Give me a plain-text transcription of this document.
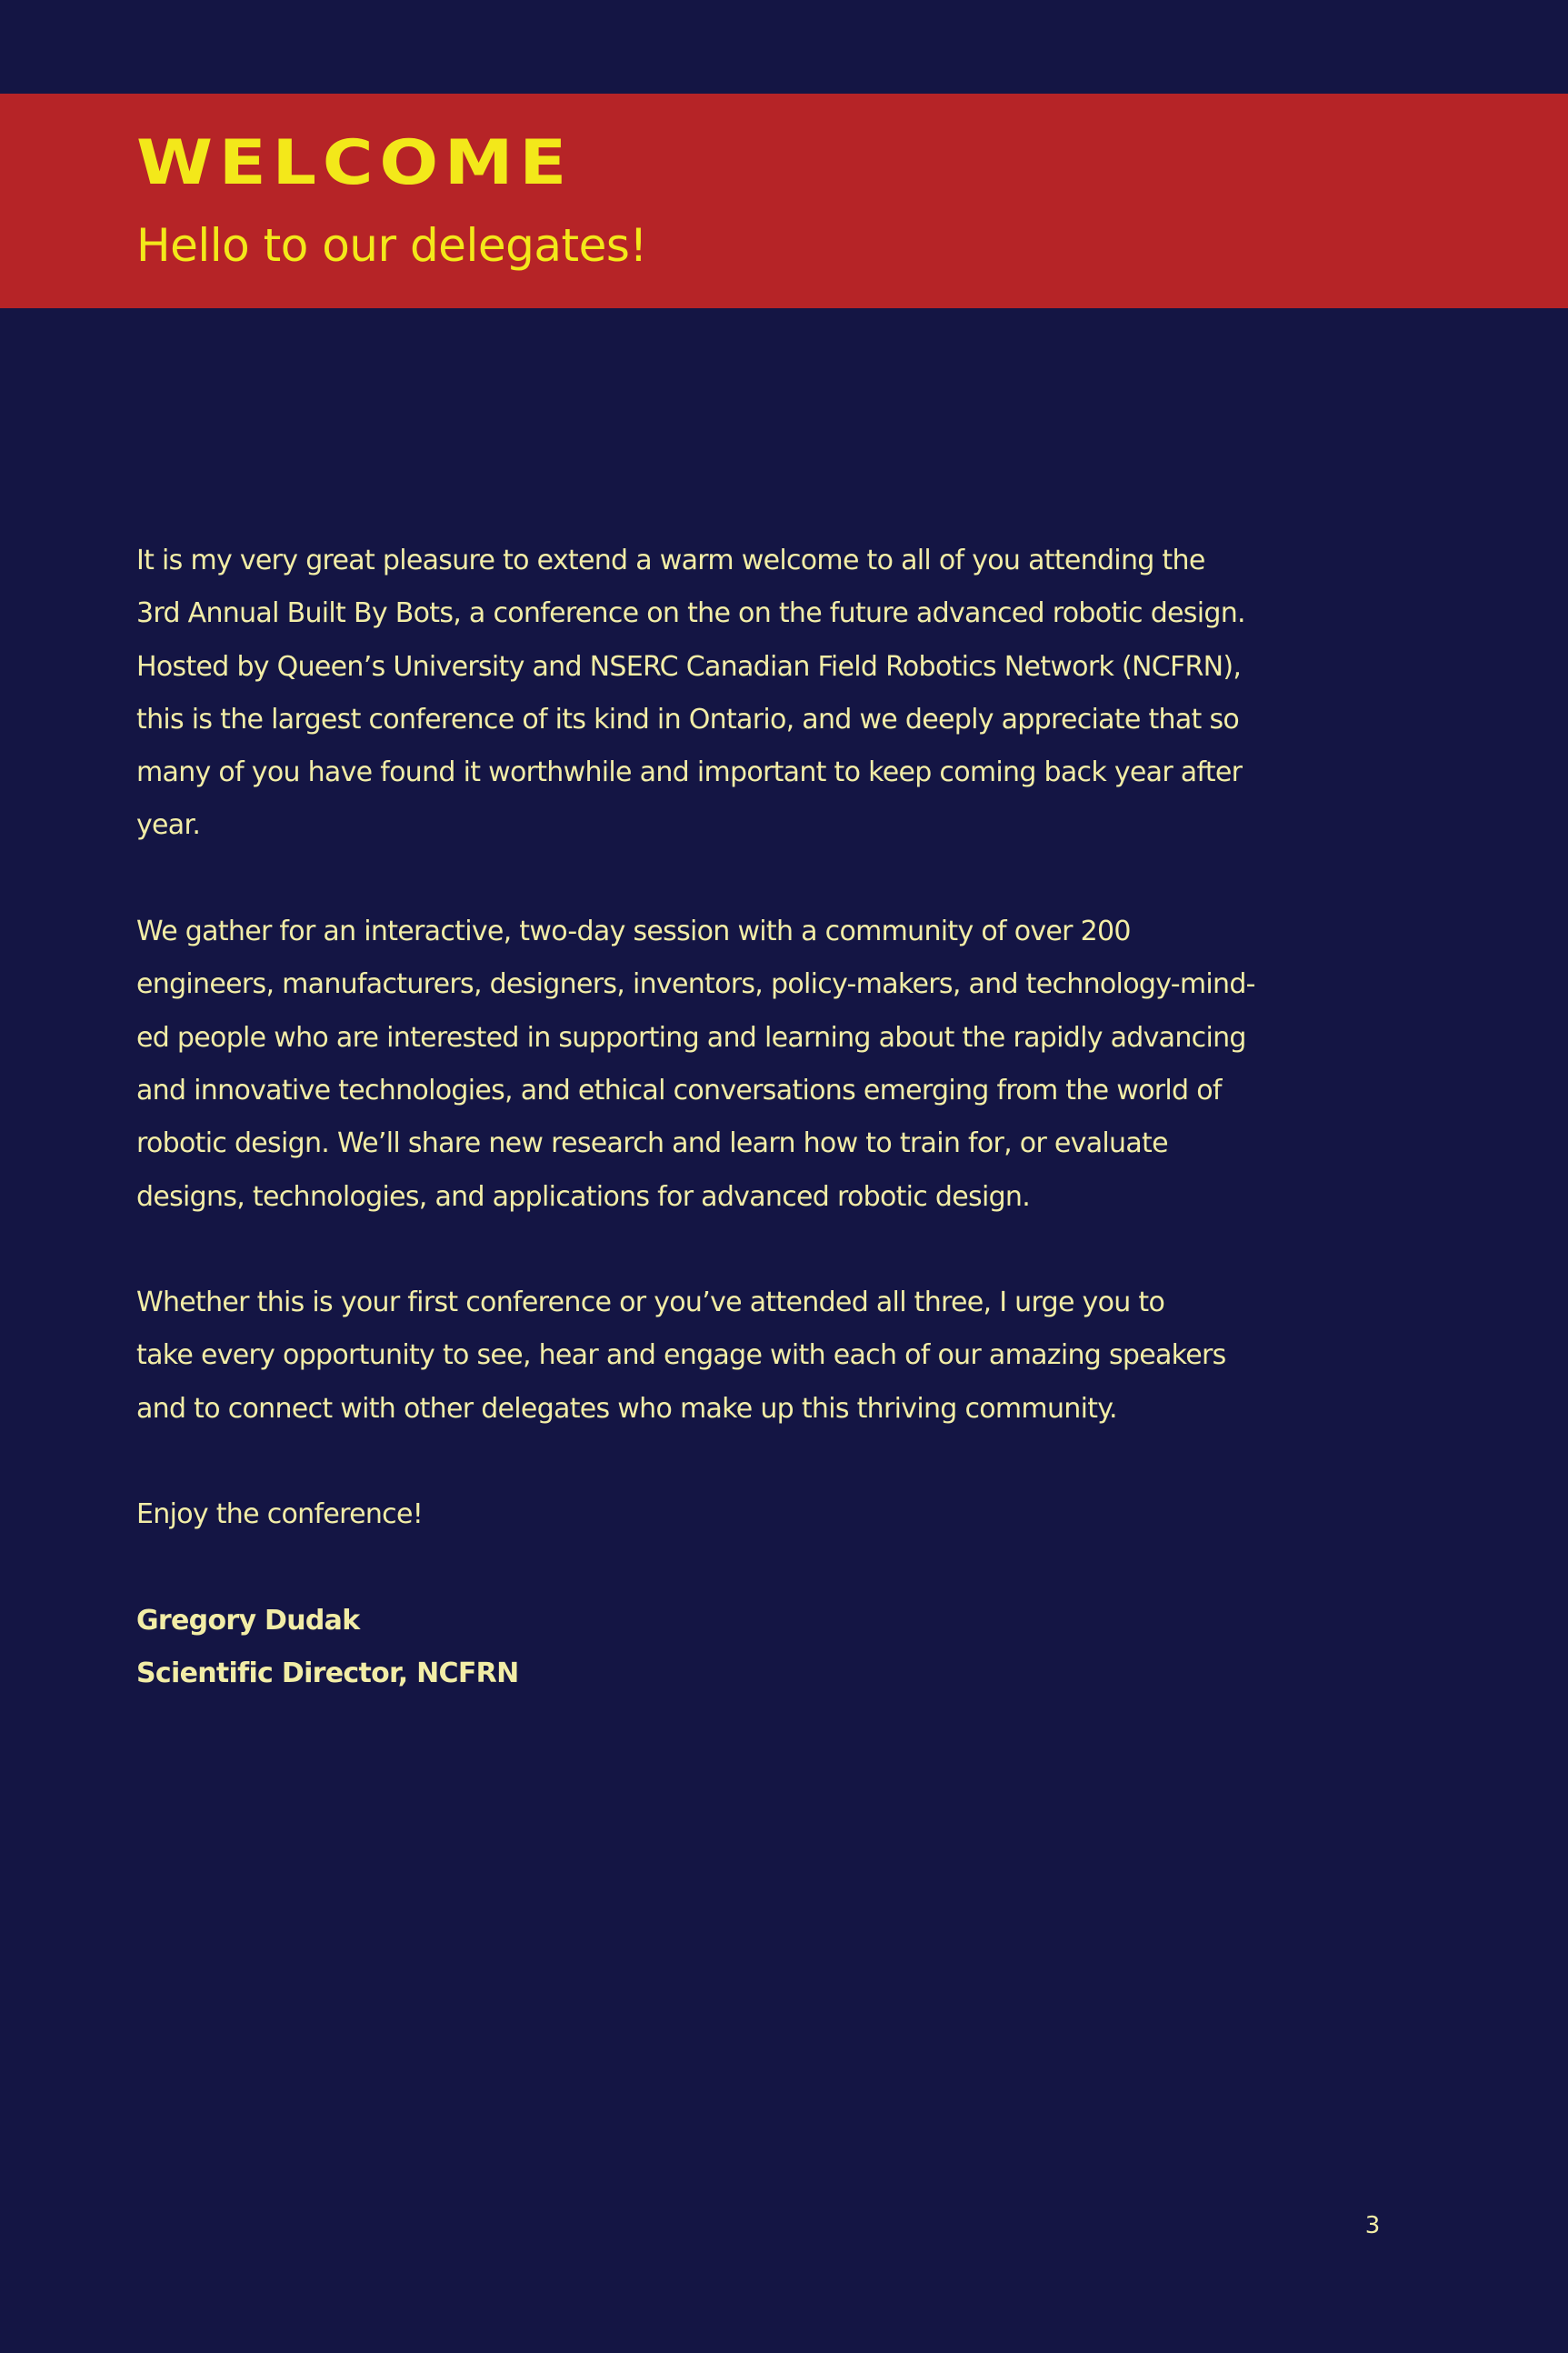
WELCOME
Hello to our delegates!

It is my very great pleasure to extend a warm welcome to all of you attending the
3rd Annual Built By Bots, a conference on the on the future advanced robotic design.
Hosted by Queen’s University and NSERC Canadian Field Robotics Network (NCFRN),
this is the largest conference of its kind in Ontario, and we deeply appreciate that so
many of you have found it worthwhile and important to keep coming back year after
year.

We gather for an interactive, two-day session with a community of over 200
engineers, manufacturers, designers, inventors, policy-makers, and technology-mind-
ed people who are interested in supporting and learning about the rapidly advancing
and innovative technologies, and ethical conversations emerging from the world of
robotic design. We’ll share new research and learn how to train for, or evaluate
designs, technologies, and applications for advanced robotic design.

Whether this is your first conference or you’ve attended all three, I urge you to
take every opportunity to see, hear and engage with each of our amazing speakers
and to connect with other delegates who make up this thriving community.

Enjoy the conference!

Gregory Dudak
Scientific Director, NCFRN
3
